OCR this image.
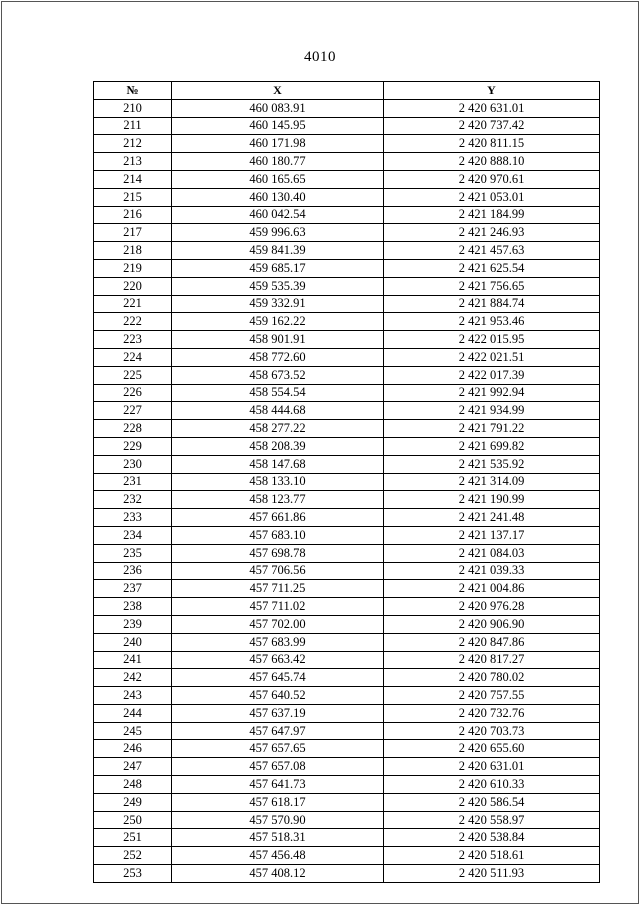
4010
№	X	Y
210	460 083.91	2 420 631.01
211	460 145.95	2 420 737.42
212	460 171.98	2 420 811.15
213	460 180.77	2 420 888.10
214	460 165.65	2 420 970.61
215	460 130.40	2 421 053.01
216	460 042.54	2 421 184.99
217	459 996.63	2 421 246.93
218	459 841.39	2 421 457.63
219	459 685.17	2 421 625.54
220	459 535.39	2 421 756.65
221	459 332.91	2 421 884.74
222	459 162.22	2 421 953.46
223	458 901.91	2 422 015.95
224	458 772.60	2 422 021.51
225	458 673.52	2 422 017.39
226	458 554.54	2 421 992.94
227	458 444.68	2 421 934.99
228	458 277.22	2 421 791.22
229	458 208.39	2 421 699.82
230	458 147.68	2 421 535.92
231	458 133.10	2 421 314.09
232	458 123.77	2 421 190.99
233	457 661.86	2 421 241.48
234	457 683.10	2 421 137.17
235	457 698.78	2 421 084.03
236	457 706.56	2 421 039.33
237	457 711.25	2 421 004.86
238	457 711.02	2 420 976.28
239	457 702.00	2 420 906.90
240	457 683.99	2 420 847.86
241	457 663.42	2 420 817.27
242	457 645.74	2 420 780.02
243	457 640.52	2 420 757.55
244	457 637.19	2 420 732.76
245	457 647.97	2 420 703.73
246	457 657.65	2 420 655.60
247	457 657.08	2 420 631.01
248	457 641.73	2 420 610.33
249	457 618.17	2 420 586.54
250	457 570.90	2 420 558.97
251	457 518.31	2 420 538.84
252	457 456.48	2 420 518.61
253	457 408.12	2 420 511.93
